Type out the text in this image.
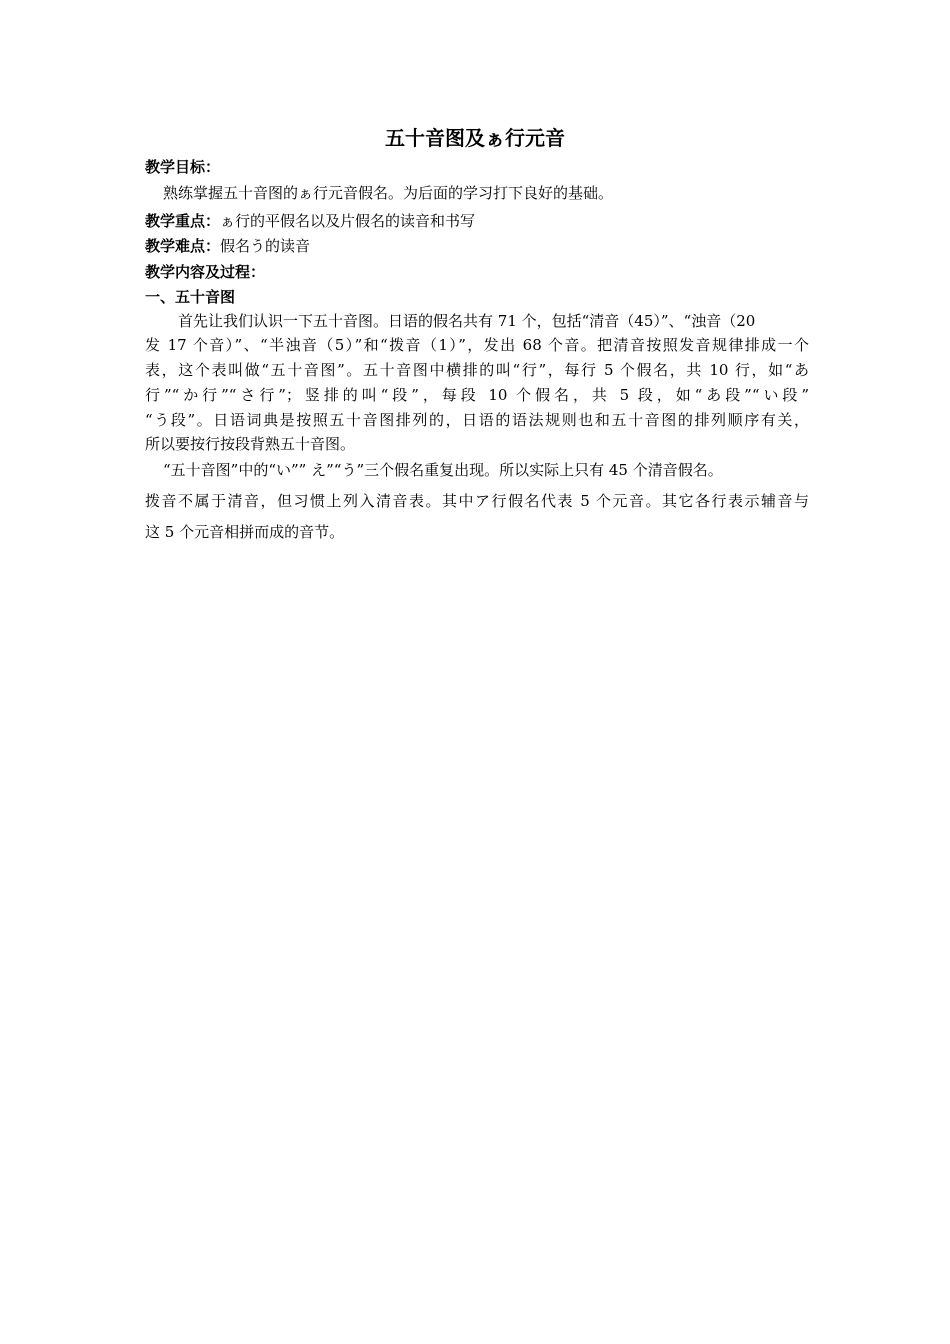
五十音图及ぁ行元音
教学目标：
熟练掌握五十音图的ぁ行元音假名。为后面的学习打下良好的基础。
教学重点：ぁ行的平假名以及片假名的读音和书写
教学难点：假名う的读音
教学内容及过程：
一、五十音图
首先让我们认识一下五十音图。日语的假名共有 71 个，包括“清音（45）”、“浊音（20
发 17 个音）”、“半浊音（5）”和“拨音（1）”，发出 68 个音。把清音按照发音规律排成一个
表，这个表叫做“五十音图”。五十音图中横排的叫“行”，每行 5 个假名，共 10 行，如“あ
行”“か行”“さ行”；竖排的叫“段”，每段 10 个假名，共 5 段，如“あ段”“い段”
“う段”。日语词典是按照五十音图排列的，日语的语法规则也和五十音图的排列顺序有关，
所以要按行按段背熟五十音图。
“五十音图”中的“い”” え”“う”三个假名重复出现。所以实际上只有 45 个清音假名。
拨音不属于清音，但习惯上列入清音表。其中ア行假名代表 5 个元音。其它各行表示辅音与
这 5 个元音相拼而成的音节。
